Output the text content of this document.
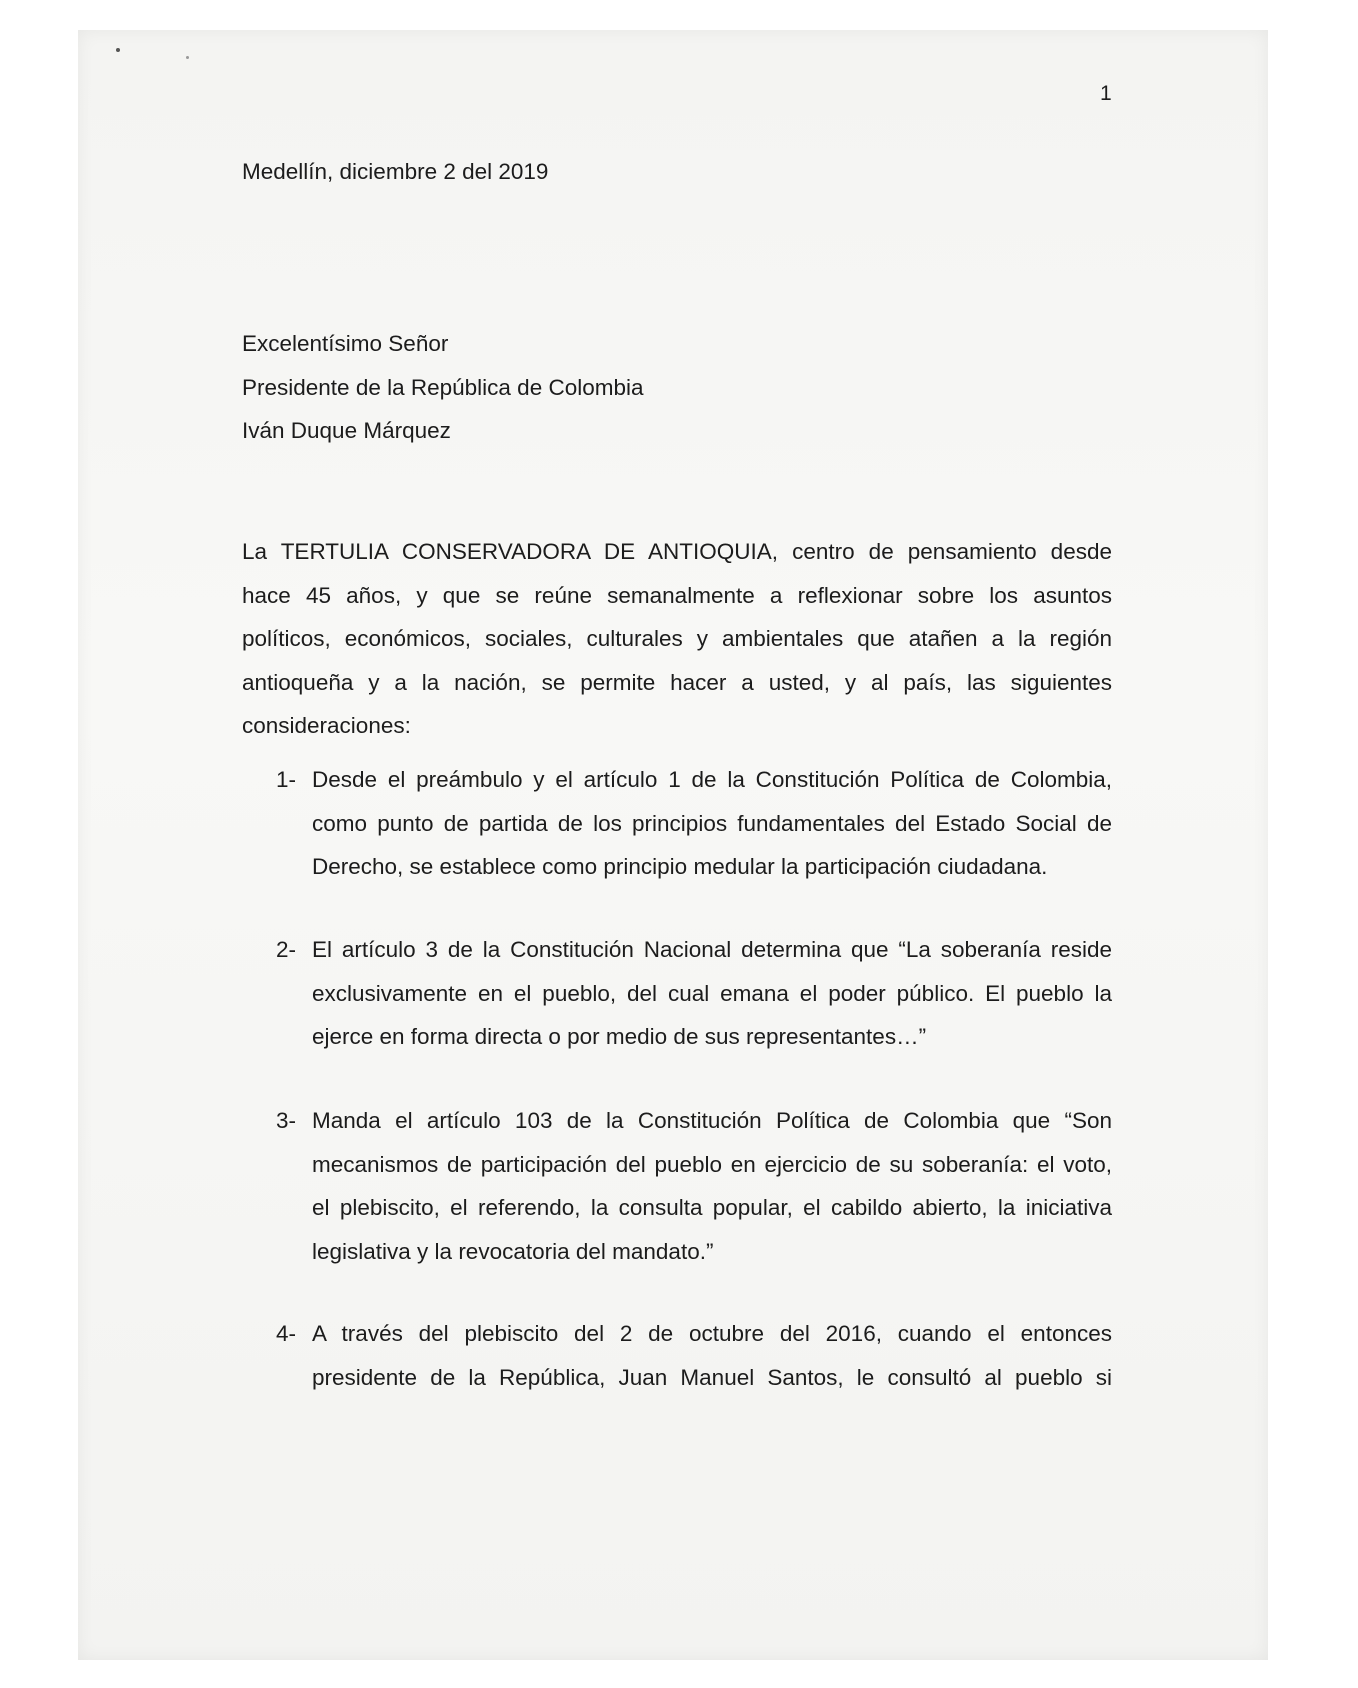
1
Medellín, diciembre 2 del 2019
Excelentísimo Señor
Presidente de la República de Colombia
Iván Duque Márquez
La TERTULIA CONSERVADORA DE ANTIOQUIA, centro de pensamiento desde
hace 45 años, y que se reúne semanalmente a reflexionar sobre los asuntos
políticos, económicos, sociales, culturales y ambientales que atañen a la región
antioqueña y a la nación, se permite hacer a usted, y al país, las siguientes
consideraciones:
1- Desde el preámbulo y el artículo 1 de la Constitución Política de Colombia,
como punto de partida de los principios fundamentales del Estado Social de
Derecho, se establece como principio medular la participación ciudadana.
2- El artículo 3 de la Constitución Nacional determina que “La soberanía reside
exclusivamente en el pueblo, del cual emana el poder público. El pueblo la
ejerce en forma directa o por medio de sus representantes…”
3- Manda el artículo 103 de la Constitución Política de Colombia que “Son
mecanismos de participación del pueblo en ejercicio de su soberanía: el voto,
el plebiscito, el referendo, la consulta popular, el cabildo abierto, la iniciativa
legislativa y la revocatoria del mandato.”
4- A través del plebiscito del 2 de octubre del 2016, cuando el entonces
presidente de la República, Juan Manuel Santos, le consultó al pueblo si
